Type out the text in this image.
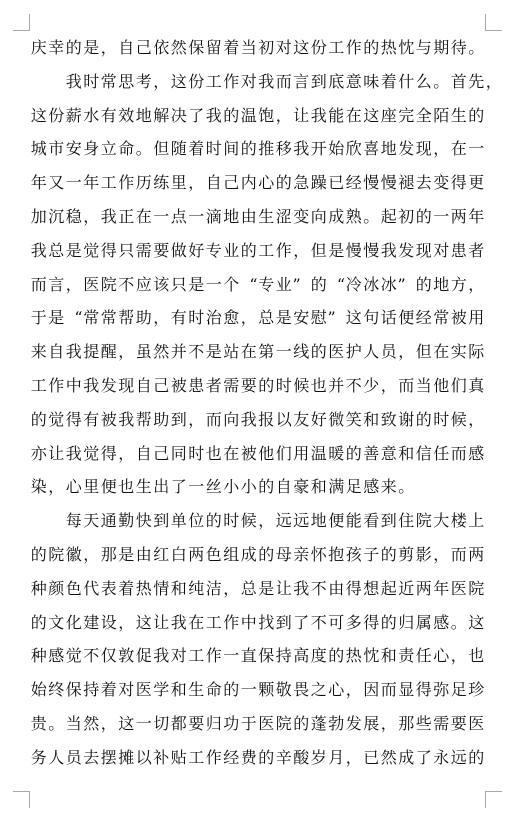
庆 幸 的 是 ， 自 己 依 然 保 留 着 当 初 对 这 份 工 作 的 热 忱 与 期 待 。
我 时 常 思 考 ， 这 份 工 作 对 我 而 言 到 底 意 味 着 什 么 。 首 先 ，
这 份 薪 水 有 效 地 解 决 了 我 的 温 饱 ， 让 我 能 在 这 座 完 全 陌 生 的
城 市 安 身 立 命 。 但 随 着 时 间 的 推 移 我 开 始 欣 喜 地 发 现 ， 在 一
年 又 一 年 工 作 历 练 里 ， 自 己 内 心 的 急 躁 已 经 慢 慢 褪 去 变 得 更
加 沉 稳 ， 我 正 在 一 点 一 滴 地 由 生 涩 变 向 成 熟 。 起 初 的 一 两 年
我 总 是 觉 得 只 需 要 做 好 专 业 的 工 作 ， 但 是 慢 慢 我 发 现 对 患 者
而 言 ， 医 院 不 应 该 只 是 一 个 “ 专 业 ” 的 “ 冷 冰 冰 ” 的 地 方 ，
于 是 “ 常 常 帮 助 ， 有 时 治 愈 ， 总 是 安 慰 ” 这 句 话 便 经 常 被 用
来 自 我 提 醒 ， 虽 然 并 不 是 站 在 第 一 线 的 医 护 人 员 ， 但 在 实 际
工 作 中 我 发 现 自 己 被 患 者 需 要 的 时 候 也 并 不 少 ， 而 当 他 们 真
的 觉 得 有 被 我 帮 助 到 ， 而 向 我 报 以 友 好 微 笑 和 致 谢 的 时 候 ，
亦 让 我 觉 得 ， 自 己 同 时 也 在 被 他 们 用 温 暖 的 善 意 和 信 任 而 感
染 ， 心 里 便 也 生 出 了 一 丝 小 小 的 自 豪 和 满 足 感 来 。
每 天 通 勤 快 到 单 位 的 时 候 ， 远 远 地 便 能 看 到 住 院 大 楼 上
的 院 徽 ， 那 是 由 红 白 两 色 组 成 的 母 亲 怀 抱 孩 子 的 剪 影 ， 而 两
种 颜 色 代 表 着 热 情 和 纯 洁 ， 总 是 让 我 不 由 得 想 起 近 两 年 医 院
的 文 化 建 设 ， 这 让 我 在 工 作 中 找 到 了 不 可 多 得 的 归 属 感 。 这
种 感 觉 不 仅 敦 促 我 对 工 作 一 直 保 持 高 度 的 热 忱 和 责 任 心 ， 也
始 终 保 持 着 对 医 学 和 生 命 的 一 颗 敬 畏 之 心 ， 因 而 显 得 弥 足 珍
贵 。 当 然 ， 这 一 切 都 要 归 功 于 医 院 的 蓬 勃 发 展 ， 那 些 需 要 医
务 人 员 去 摆 摊 以 补 贴 工 作 经 费 的 辛 酸 岁 月 ， 已 然 成 了 永 远 的
